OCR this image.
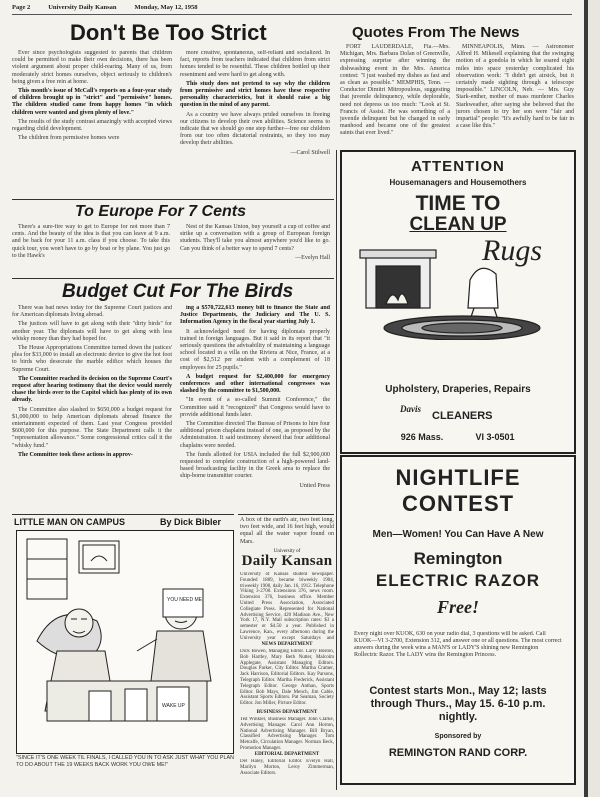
Page 2	University Daily Kansan	Monday, May 12, 1958
Don't Be Too Strict

Ever since psychologists suggested to parents that children could be permitted to make their own decisions, there has been violent argument about proper child-rearing. Many of us, from moderately strict homes ourselves, object seriously to children's being given a free rein at home.

This month's issue of McCall's reports on a four-year study of children brought up in "strict" and "permissive" homes. The children studied came from happy homes "in which children were wanted and given plenty of love."

The results of the study contrast amazingly with accepted views regarding child development.

The children from permissive homes were

more creative, spontaneous, self-reliant and socialized. In fact, reports from teachers indicated that children from strict homes tended to be resentful. These children bottled up their resentment and were hard to get along with.

This study does not pretend to say why the children from permissive and strict homes have these respective personality characteristics, but it should raise a big question in the mind of any parent.

As a country we have always prided ourselves in freeing our citizens to develop their own abilities. Science seems to indicate that we should go one step further—free our children from our too often dictatorial restraints, so they too may develop their abilities.

—Carol Stilwell
Quotes From The News

FORT LAUDERDALE, Fla.—Mrs. Michigan, Mrs. Barbara Dolan of Greenville, expressing surprise after winning the dishwashing event in the Mrs. America contest: "I just washed my dishes as fast and as clean as possible." MEMPHIS, Tenn. — Conductor Dimitri Mitropoulous, suggesting that juvenile delinquency, while deplorable, need not depress us too much: "Look at St. Francis of Assisi. He was something of a juvenile delinquent but he changed in early manhood and became one of the greatest saints that ever lived."

MINNEAPOLIS, Minn. — Astronomer Alfred H. Mikesell explaining that the swinging motion of a gondola in which he soared eight miles into space yesterday complicated his observation work: "I didn't get airsick, but it certainly made sighting through a telescope impossible." LINCOLN, Neb. — Mrs. Guy Stark-enther, mother of mass murderer Charles Starkweather, after saying she believed that the jurors chosen to try her son were "fair and impartial" people: "It's awfully hard to be fair in a case like this."

To Europe For 7 Cents

There's a sure-fire way to get to Europe for not more than 7 cents. And the beauty of the idea is that you can leave at 9 a.m. and be back for your 11 a.m. class if you choose. To take this quick tour, you won't have to go by boat or by plane. You just go to the Hawk's

Nest of the Kansas Union, buy yourself a cup of coffee and strike up a conversation with a group of European foreign students. They'll take you almost anywhere you'd like to go. Can you think of a better way to spend 7 cents?

—Evelyn Hall
Budget Cut For The Birds

There was bad news today for the Supreme Court justices and for American diplomats living abroad.

The justices will have to get along with their "dirty birds" for another year. The diplomats will have to get along with less whisky money than they had hoped for.

The House Appropriations Committee turned down the justices' plea for $33,000 to install an electronic device to give the hot foot to birds who desecrate the marble edifice which houses the Supreme Court.

The Committee reached its decision on the Supreme Court's request after hearing testimony that the device would merely chase the birds over to the Capitol which has plenty of its own already.

The Committee also slashed to $650,000 a budget request for $1,000,000 to help American diplomats abroad finance the entertainment expected of them. Last year Congress provided $600,000 for this purpose. The State Department calls it the "representation allowance." Some congressional critics call it the "whisky fund."

The Committee took these actions in approv-

ing a $570,722,613 money bill to finance the State and Justice Departments, the Judiciary and The U. S. Information Agency in the fiscal year starting July 1.

It acknowledged need for having diplomats properly trained in foreign languages. But it said in its report that "it seriously questions the advisability of maintaining a language school located in a villa on the Riviera at Nice, France, at a cost of $2,512 per student with a complement of 18 employees for 25 pupils."

A budget request for $2,400,000 for emergency conferences and other international congresses was slashed by the committee to $1,500,000.

"In event of a so-called Summit Conference," the Committee said it "recognized" that Congress would have to provide additional funds later.

The Committee directed The Bureau of Prisons to hire four additional prison chaplains instead of one, as proposed by the Administration. It said testimony showed that four additional chaplains were needed.

The funds allotted for USIA included the full $2,900,000 requested to complete construction of a high-powered land-based broadcasting facility in the Greek area to replace the ship-borne transmitter courier.

United Press
LITTLE MAN ON CAMPUS	By Dick Bibler
YOU NEED ME
WAKE UP
"SINCE IT'S ONE WEEK TIL FINALS, I CALLED YOU IN TO ASK JUST WHAT YOU PLAN TO DO ABOUT THE 19 WEEKS BACK WORK YOU OWE ME!"
A box of the earth's air, two feet long, two feet wide, and 16 feet high, would equal all the water vapor found on Mars.
University of
Daily Kansan
University of Kansas student newspaper. Founded 1889, became biweekly 1904, triweekly 1908, daily Jan. 16, 1912. Telephone Viking 3-2700. Extensions 376, news room. Extension 376, business office. Member United Press Association, Associated Collegiate Press. Represented for National Advertising Service, 420 Madison Ave., New York 17, N.Y. Mail subscription rates: $3 a semester or $4.50 a year. Published in Lawrence, Kan., every afternoon during the University year except Saturdays and
NEWS DEPARTMENT
Dick Bowen, Managing Editor. Larry Boston, Bob Hartley, Mary Beth Nutter, Malcolm Applegate, Assistant Managing Editors. Douglas Parker, City Editor. Martha Cramer, Jack Harrison, Editorial Editors. Kay Parsons, Telegraph Editor. Martha Frederick, Assistant Telegraph Editor. George Anthan, Sports Editor. Bob Mays, Dale Mench, Jim Cable, Assistant Sports Editors. Pat Seaman, Society Editor. Jon Miller, Picture Editor.
BUSINESS DEPARTMENT
Ted Winkler, Business Manager. John Clarke, Advertising Manager. Carol Ann Horton, National Advertising Manager. Bill Bryan, Classified Advertising Manager. Tom Metcalfe, Circulation Manager. Norman Beck, Promotion Manager.
EDITORIAL DEPARTMENT
Del Haley, Editorial Editor. Evelyn Hall, Marilyn Morton, Leroy Zimmerman, Associate Editors.
ATTENTION
Housemanagers and Housemothers
TIME TO
CLEAN UP
Rugs
Upholstery, Draperies, Repairs
Davis
CLEANERS
926 Mass.	VI 3-0501
NIGHTLIFE
CONTEST
Men—Women! You Can Have A New
Remington
ELECTRIC RAZOR
Free!
Every night over KUOK, 630 on your radio dial, 3 questions will be asked. Call KUOK—VI 3-2700, Extension 312, and answer one or all questions. The most correct answers during the week wins a MAN'S or LADY'S shining new Remington Rollectric Razor. The LADY wins the Remington Princess.
Contest starts Mon., May 12; lasts through Thurs., May 15. 6-10 p.m. nightly.
Sponsored by
REMINGTON RAND CORP.
